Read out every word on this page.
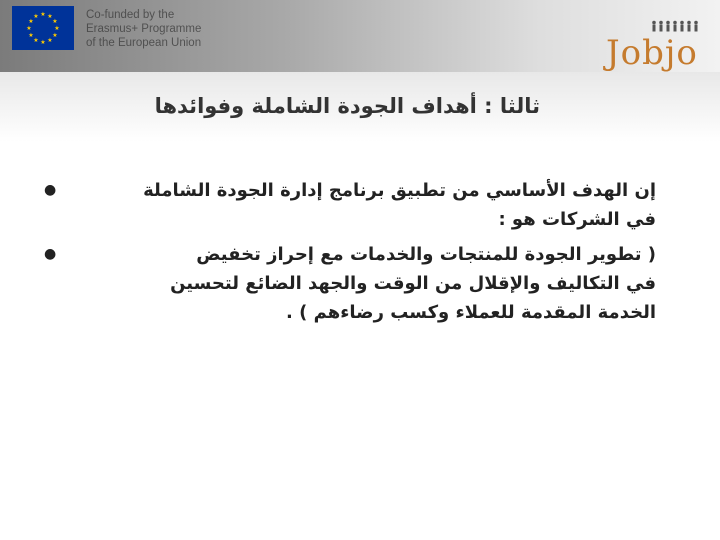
★ ★
★
★
★
★
★
★
★
★
★
★	Co-funded by the
Erasmus+ Programme
of the European Union	Jobjo
ثالثا : أهداف الجودة الشاملة وفوائدها
●	إن الهدف الأساسي من تطبيق برنامج إدارة الجودة الشاملة
في الشركات هو :
●	( تطوير الجودة للمنتجات والخدمات مع إحراز تخفيض
في التكاليف والإقلال من الوقت والجهد الضائع لتحسين
الخدمة المقدمة للعملاء وكسب رضاءهم ) .
